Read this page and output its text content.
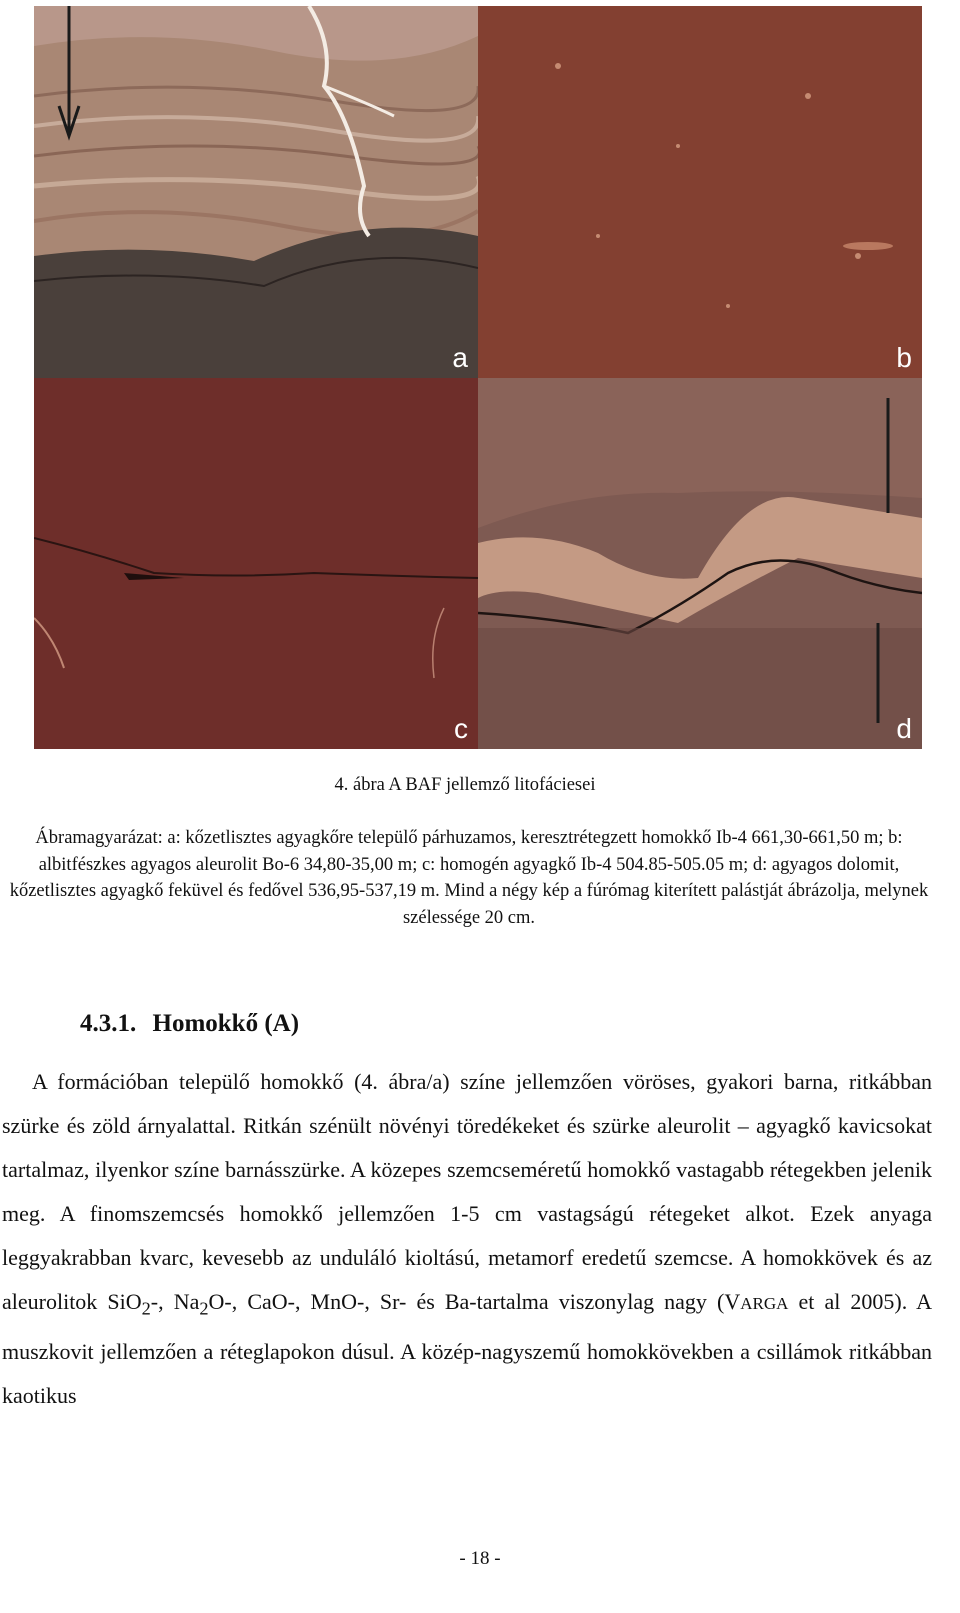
a	b
c	d
4. ábra A BAF jellemző litofáciesei
Ábramagyarázat: a: kőzetlisztes agyagkőre települő párhuzamos, keresztrétegzett homokkő Ib-4 661,30-661,50 m; b: albitfészkes agyagos aleurolit Bo-6 34,80-35,00 m; c: homogén agyagkő Ib-4 504.85-505.05 m; d: agyagos dolomit, kőzetlisztes agyagkő feküvel és fedővel 536,95-537,19 m. Mind a négy kép a fúrómag kiterített palástját ábrázolja, melynek szélessége 20 cm.
4.3.1. Homokkő (A)

A formációban települő homokkő (4. ábra/a) színe jellemzően vöröses, gyakori barna, ritkábban szürke és zöld árnyalattal. Ritkán szénült növényi töredékeket és szürke aleurolit – agyagkő kavicsokat tartalmaz, ilyenkor színe barnásszürke. A közepes szemcseméretű homokkő vastagabb rétegekben jelenik meg. A finomszemcsés homokkő jellemzően 1-5 cm vastagságú rétegeket alkot. Ezek anyaga leggyakrabban kvarc, kevesebb az unduláló kioltású, metamorf eredetű szemcse. A homokkövek és az aleurolitok SiO$_2$-, $Na_2O-$, CaO-, MnO-, Sr- és Ba-tartalma viszonylag nagy (VARGA et al 2005). A muszkovit jellemzően a réteglapokon dúsul. A közép-nagyszemű homokkövekben a csillámok ritkábban kaotikus

- 18 -
